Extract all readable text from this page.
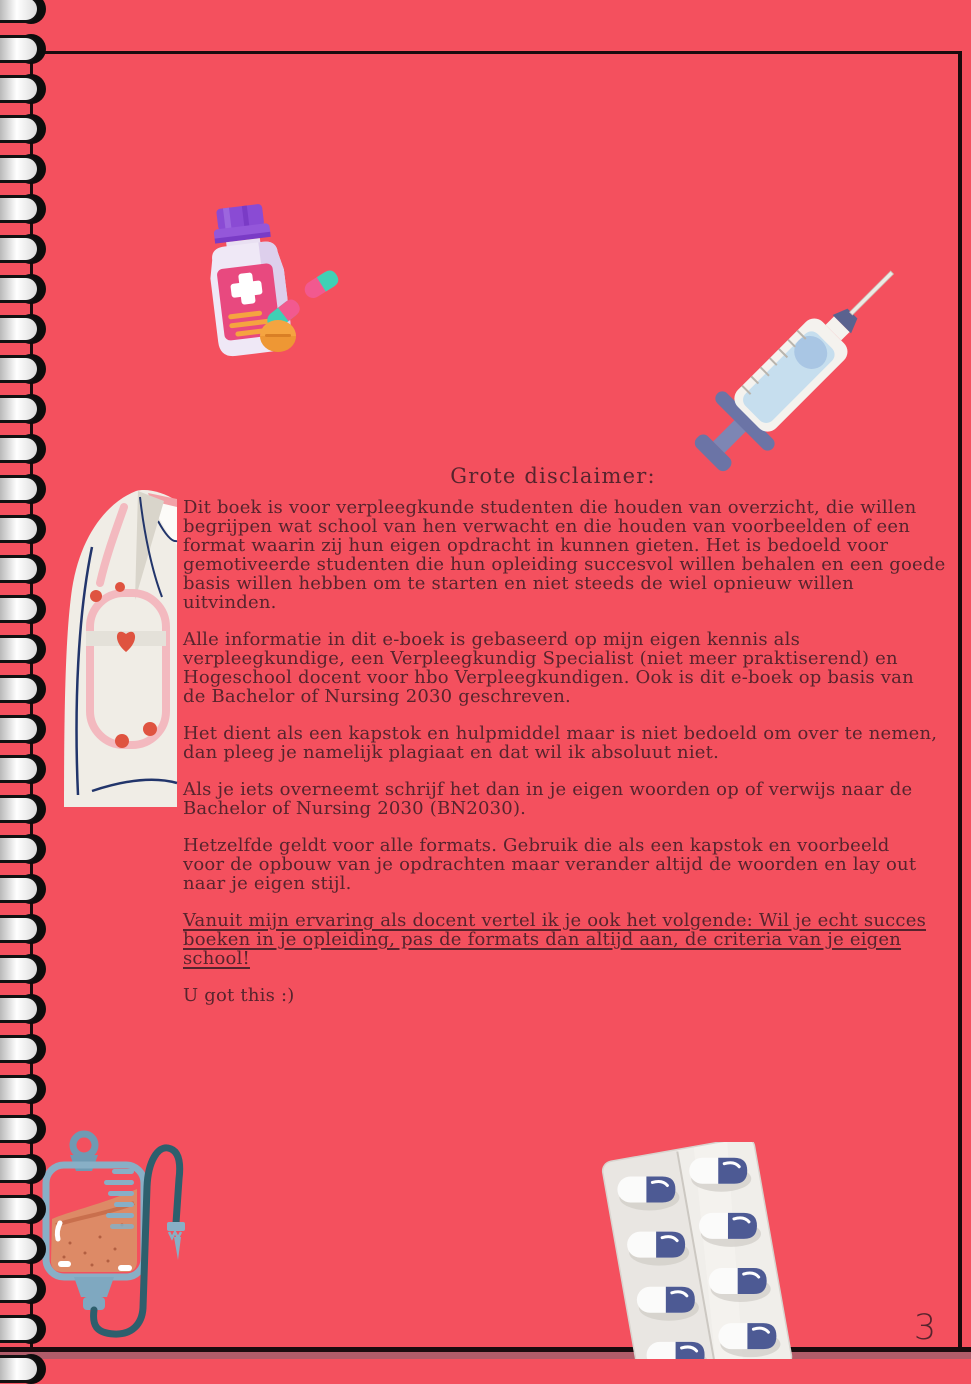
Grote disclaimer:
Dit boek is voor verpleegkunde studenten die houden van overzicht, die willen
begrijpen wat school van hen verwacht en die houden van voorbeelden of een
format waarin zij hun eigen opdracht in kunnen gieten. Het is bedoeld voor
gemotiveerde studenten die hun opleiding succesvol willen behalen en een goede
basis willen hebben om te starten en niet steeds de wiel opnieuw willen
uitvinden.
Alle informatie in dit e-boek is gebaseerd op mijn eigen kennis als
verpleegkundige, een Verpleegkundig Specialist (niet meer praktiserend) en
Hogeschool docent voor hbo Verpleegkundigen. Ook is dit e-boek op basis van
de Bachelor of Nursing 2030 geschreven.
Het dient als een kapstok en hulpmiddel maar is niet bedoeld om over te nemen,
dan pleeg je namelijk plagiaat en dat wil ik absoluut niet.
Als je iets overneemt schrijf het dan in je eigen woorden op of verwijs naar de
Bachelor of Nursing 2030 (BN2030).
Hetzelfde geldt voor alle formats. Gebruik die als een kapstok en voorbeeld
voor de opbouw van je opdrachten maar verander altijd de woorden en lay out
naar je eigen stijl.
Vanuit mijn ervaring als docent vertel ik je ook het volgende: Wil je echt succes
boeken in je opleiding, pas de formats dan altijd aan, de criteria van je eigen
school!
U got this :)
3
